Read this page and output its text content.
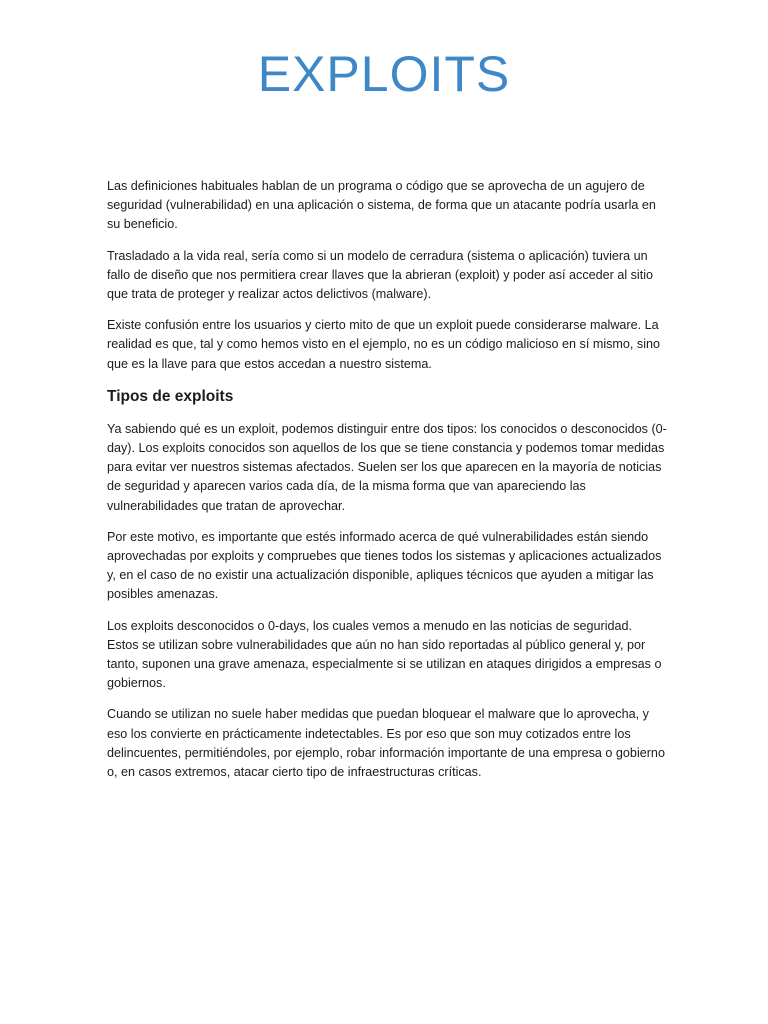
EXPLOITS

Las definiciones habituales hablan de un programa o código que se aprovecha de un agujero de seguridad (vulnerabilidad) en una aplicación o sistema, de forma que un atacante podría usarla en su beneficio.

Trasladado a la vida real, sería como si un modelo de cerradura (sistema o aplicación) tuviera un fallo de diseño que nos permitiera crear llaves que la abrieran (exploit) y poder así acceder al sitio que trata de proteger y realizar actos delictivos (malware).

Existe confusión entre los usuarios y cierto mito de que un exploit puede considerarse malware. La realidad es que, tal y como hemos visto en el ejemplo, no es un código malicioso en sí mismo, sino que es la llave para que estos accedan a nuestro sistema.

Tipos de exploits

Ya sabiendo qué es un exploit, podemos distinguir entre dos tipos: los conocidos o desconocidos (0-day). Los exploits conocidos son aquellos de los que se tiene constancia y podemos tomar medidas para evitar ver nuestros sistemas afectados. Suelen ser los que aparecen en la mayoría de noticias de seguridad y aparecen varios cada día, de la misma forma que van apareciendo las vulnerabilidades que tratan de aprovechar.

Por este motivo, es importante que estés informado acerca de qué vulnerabilidades están siendo aprovechadas por exploits y compruebes que tienes todos los sistemas y aplicaciones actualizados y, en el caso de no existir una actualización disponible, apliques técnicos que ayuden a mitigar las posibles amenazas.

Los exploits desconocidos o 0-days, los cuales vemos a menudo en las noticias de seguridad. Estos se utilizan sobre vulnerabilidades que aún no han sido reportadas al público general y, por tanto, suponen una grave amenaza, especialmente si se utilizan en ataques dirigidos a empresas o gobiernos.

Cuando se utilizan no suele haber medidas que puedan bloquear el malware que lo aprovecha, y eso los convierte en prácticamente indetectables. Es por eso que son muy cotizados entre los delincuentes, permitiéndoles, por ejemplo, robar información importante de una empresa o gobierno o, en casos extremos, atacar cierto tipo de infraestructuras críticas.
